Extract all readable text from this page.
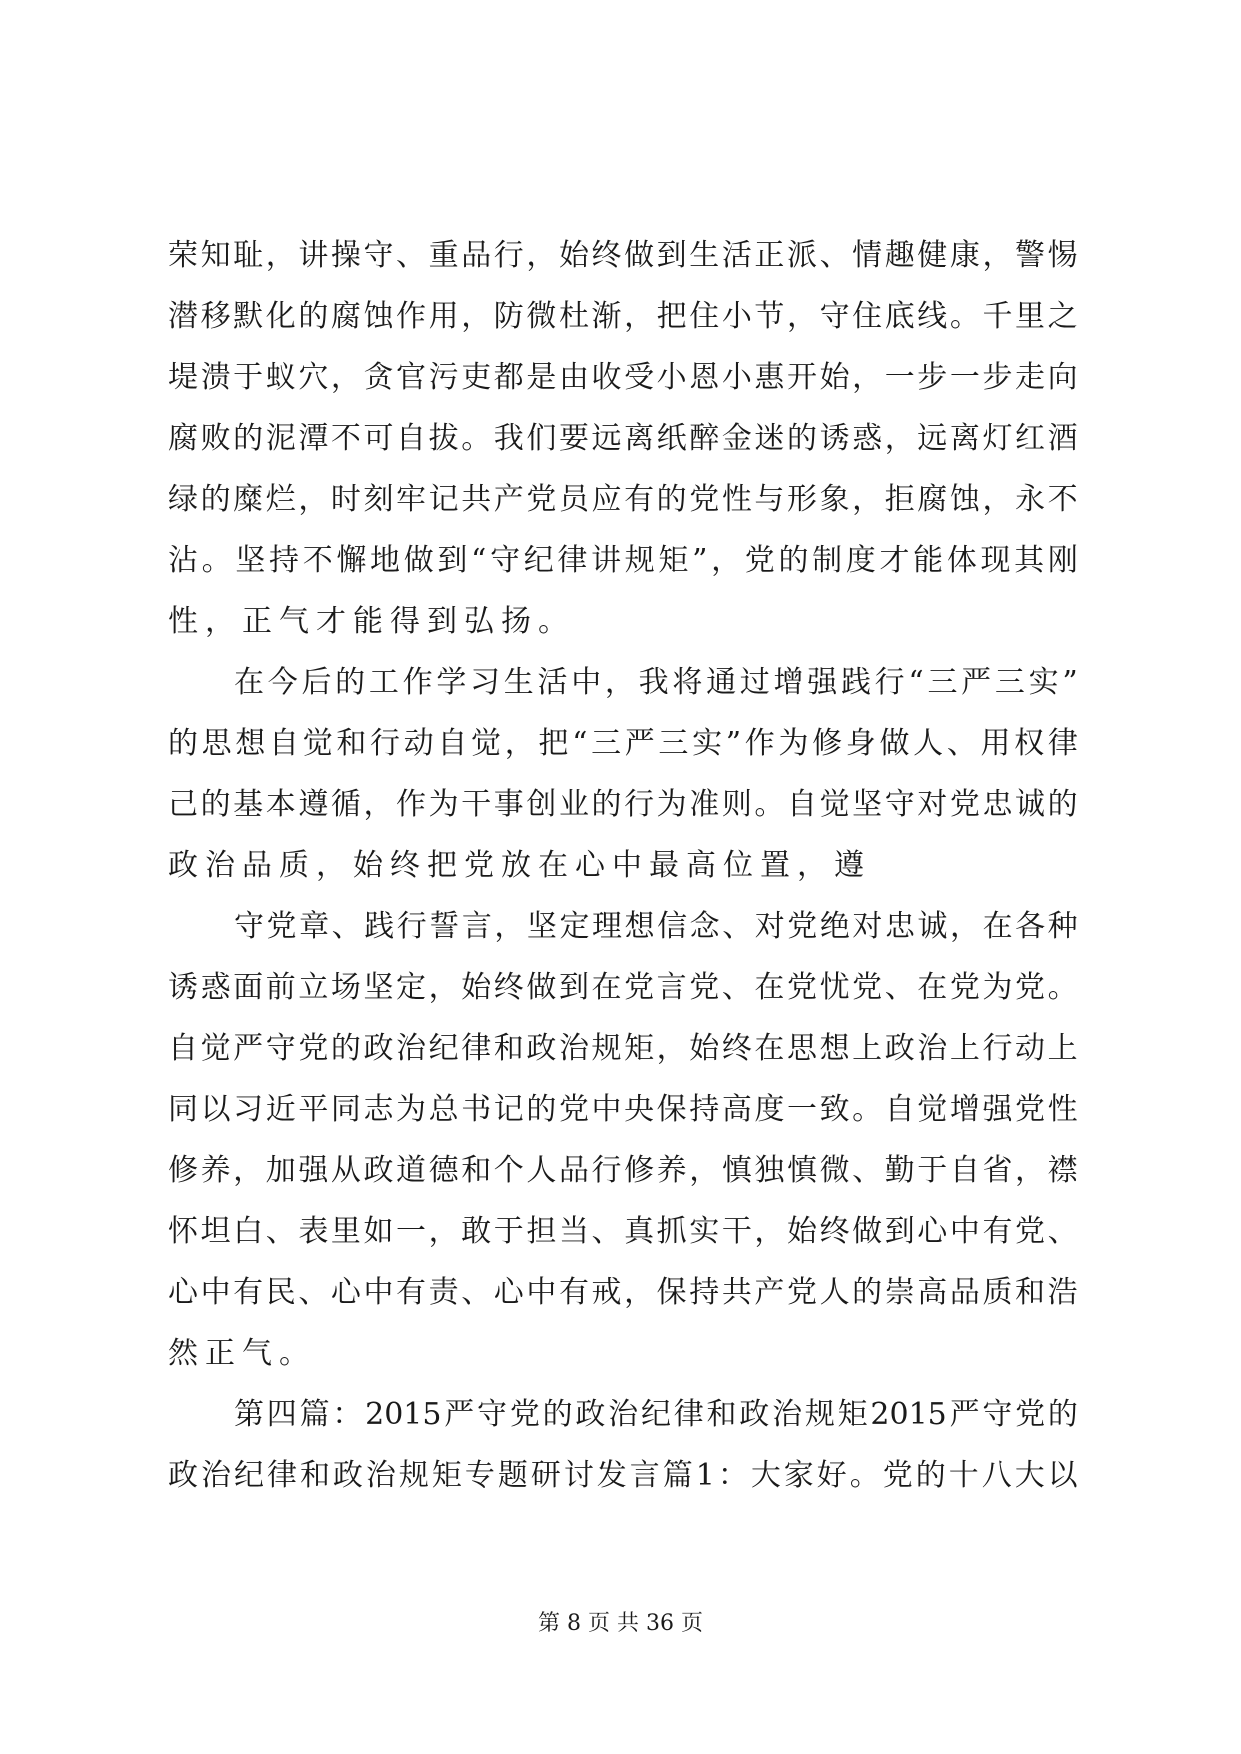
荣 知 耻 ， 讲 操 守 、 重 品 行 ， 始 终 做 到 生 活 正 派 、 情 趣 健 康 ， 警 惕
潜 移 默 化 的 腐 蚀 作 用 ， 防 微 杜 渐 ， 把 住 小 节 ， 守 住 底 线 。 千 里 之
堤 溃 于 蚁 穴 ， 贪 官 污 吏 都 是 由 收 受 小 恩 小 惠 开 始 ， 一 步 一 步 走 向
腐 败 的 泥 潭 不 可 自 拔 。 我 们 要 远 离 纸 醉 金 迷 的 诱 惑 ， 远 离 灯 红 酒
绿 的 糜 烂 ， 时 刻 牢 记 共 产 党 员 应 有 的 党 性 与 形 象 ， 拒 腐 蚀 ， 永 不
沾 。 坚 持 不 懈 地 做 到 “ 守 纪 律 讲 规 矩 ” ， 党 的 制 度 才 能 体 现 其 刚
性，正气才能得到弘扬。
在 今 后 的 工 作 学 习 生 活 中 ， 我 将 通 过 增 强 践 行 “ 三 严 三 实 ”
的 思 想 自 觉 和 行 动 自 觉 ， 把 “ 三 严 三 实 ” 作 为 修 身 做 人 、 用 权 律
己 的 基 本 遵 循 ， 作 为 干 事 创 业 的 行 为 准 则 。 自 觉 坚 守 对 党 忠 诚 的
政治品质，始终把党放在心中最高位置，遵
守 党 章 、 践 行 誓 言 ， 坚 定 理 想 信 念 、 对 党 绝 对 忠 诚 ， 在 各 种
诱 惑 面 前 立 场 坚 定 ， 始 终 做 到 在 党 言 党 、 在 党 忧 党 、 在 党 为 党 。
自 觉 严 守 党 的 政 治 纪 律 和 政 治 规 矩 ， 始 终 在 思 想 上 政 治 上 行 动 上
同 以 习 近 平 同 志 为 总 书 记 的 党 中 央 保 持 高 度 一 致 。 自 觉 增 强 党 性
修 养 ， 加 强 从 政 道 德 和 个 人 品 行 修 养 ， 慎 独 慎 微 、 勤 于 自 省 ， 襟
怀 坦 白 、 表 里 如 一 ， 敢 于 担 当 、 真 抓 实 干 ， 始 终 做 到 心 中 有 党 、
心 中 有 民 、 心 中 有 责 、 心 中 有 戒 ， 保 持 共 产 党 人 的 崇 高 品 质 和 浩
然正气。
第 四 篇 ： 2015 严 守 党 的 政 治 纪 律 和 政 治 规 矩 2015 严 守 党 的
政 治 纪 律 和 政 治 规 矩 专 题 研 讨 发 言 篇 1 ： 大 家 好 。 党 的 十 八 大 以
第 8 页 共 36 页
